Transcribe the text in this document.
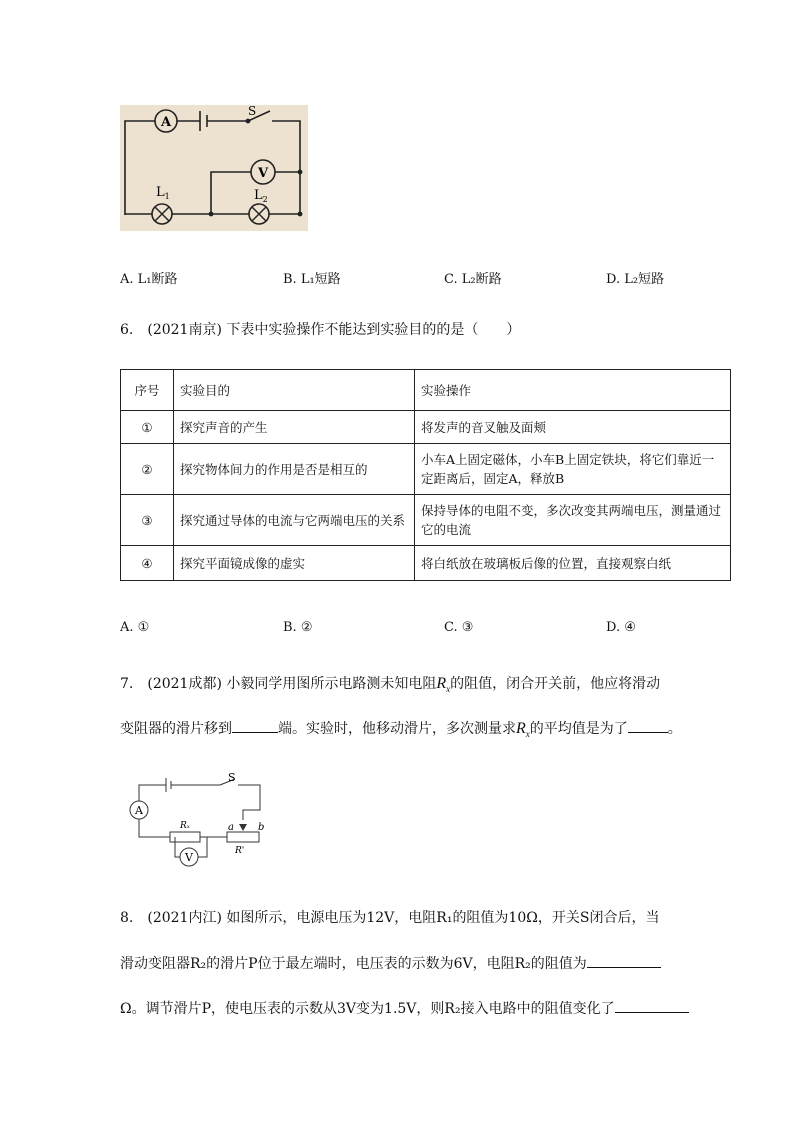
A
S
V
$L_1$	$L_2$
A. L₁断路	B. L₁短路	C. L₂断路	D. L₂短路
6.　(2021南京) 下表中实验操作不能达到实验目的的是（　　）
序号	实验目的	实验操作
①	探究声音的产生	将发声的音叉触及面颊
②	探究物体间力的作用是否是相互的	小车A上固定磁体，小车B上固定铁块，将它们靠近一定距离后，固定A，释放B
③	探究通过导体的电流与它两端电压的关系	保持导体的电阻不变，多次改变其两端电压，测量通过它的电流
④	探究平面镜成像的虚实	将白纸放在玻璃板后像的位置，直接观察白纸
A. ①	B. ②	C. ③	D. ④
7.　(2021成都) 小毅同学用图所示电路测未知电阻$R_x$的阻值，闭合开关前，他应将滑动
变阻器的滑片移到	端。实验时，他移动滑片，多次测量求$R_x$的平均值是为了	。
A
S
V
Rₓ	a b
R'
8.　(2021内江) 如图所示，电源电压为12V，电阻R₁的阻值为10Ω，开关S闭合后，当
滑动变阻器R₂的滑片P位于最左端时，电压表的示数为6V，电阻R₂的阻值为
Ω。调节滑片P，使电压表的示数从3V变为1.5V，则R₂接入电路中的阻值变化了
